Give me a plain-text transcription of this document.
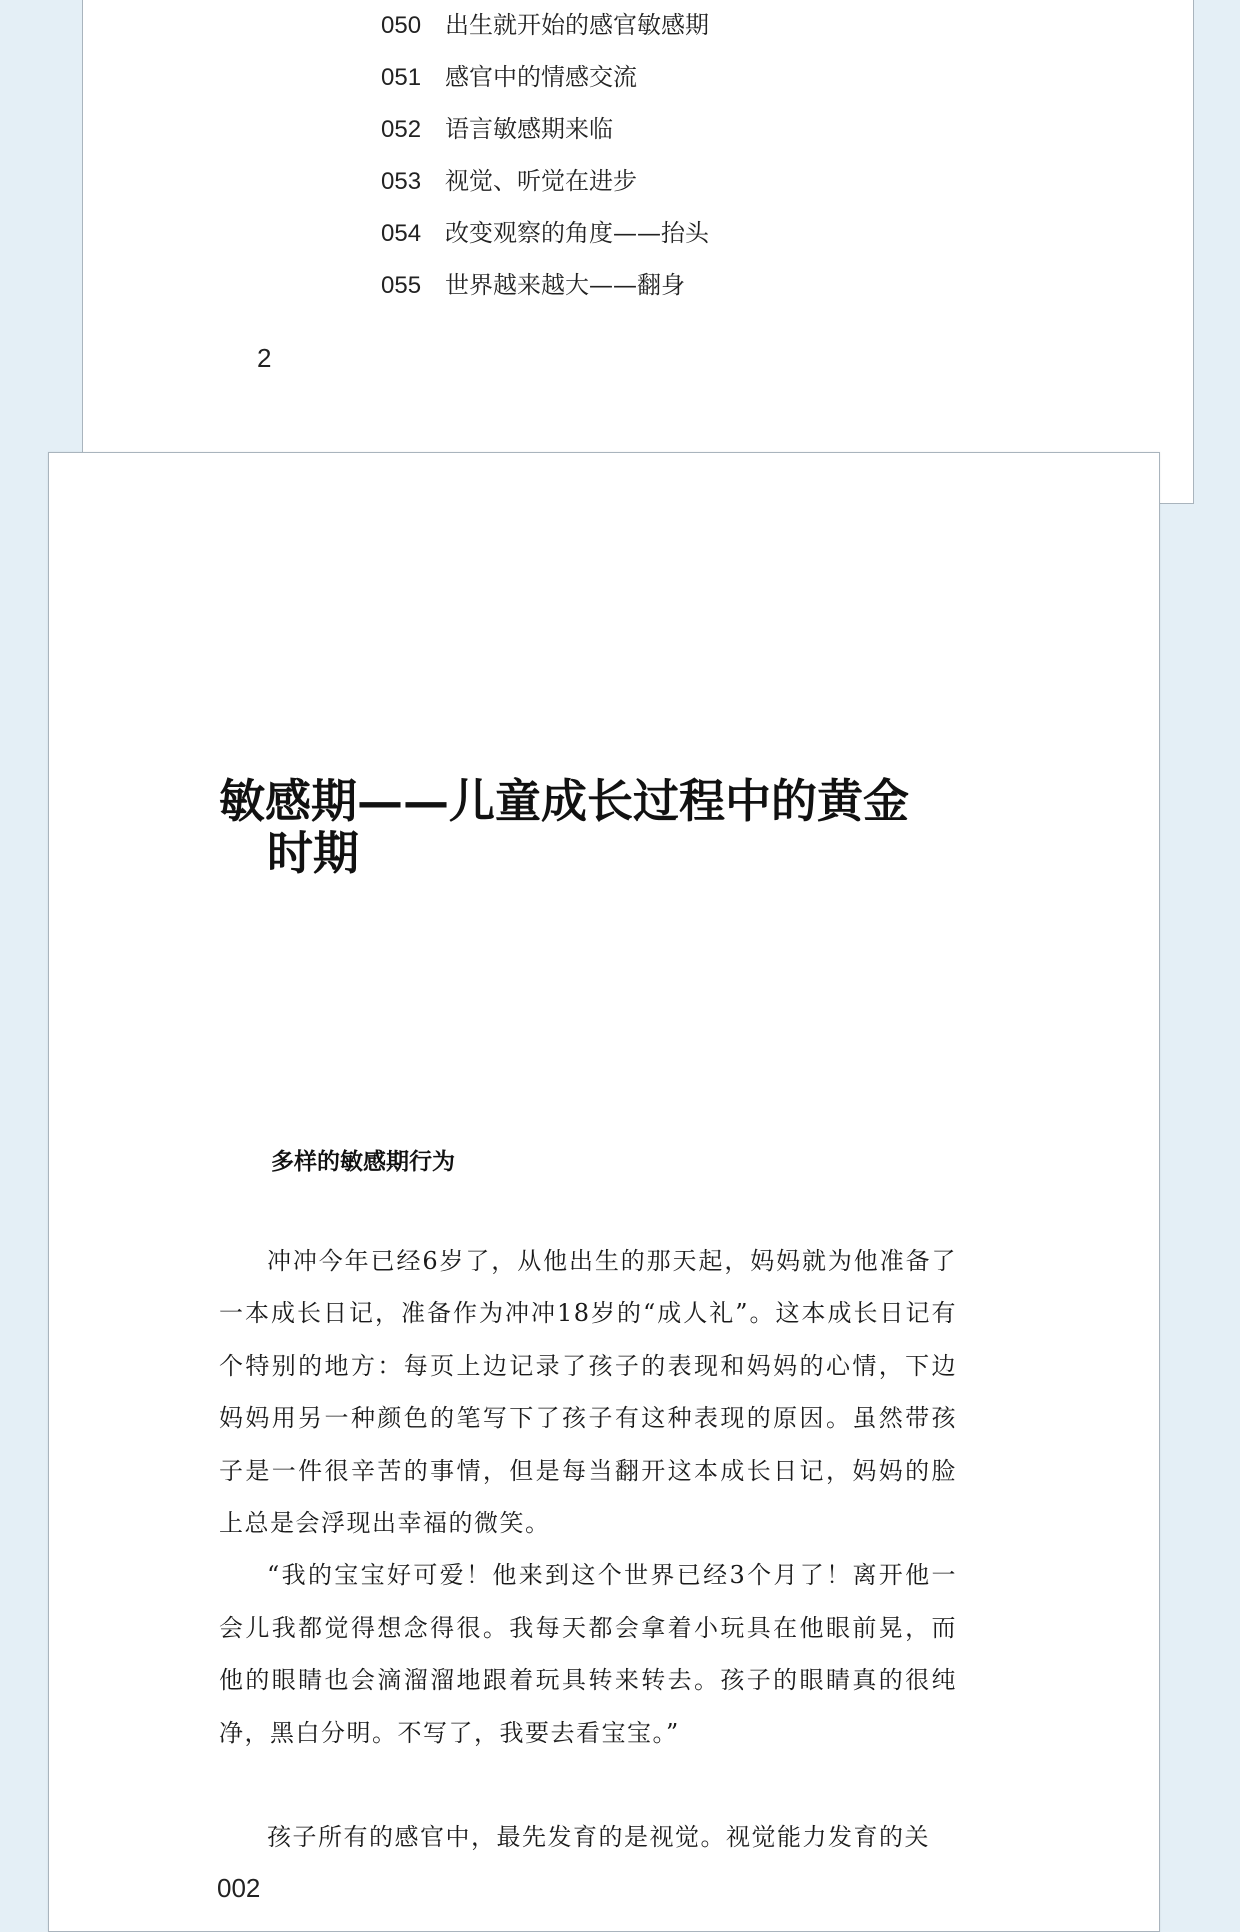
050 出生就开始的感官敏感期
051 感官中的情感交流
052 语言敏感期来临
053 视觉、听觉在进步
054 改变观察的角度——抬头
055 世界越来越大——翻身
2
敏感期——儿童成长过程中的黄金
时期
多样的敏感期行为

冲冲今年已经6岁了，从他出生的那天起，妈妈就为他准备了一本成长日记，准备作为冲冲18岁的“成人礼”。这本成长日记有个特别的地方：每页上边记录了孩子的表现和妈妈的心情，下边妈妈用另一种颜色的笔写下了孩子有这种表现的原因。虽然带孩子是一件很辛苦的事情，但是每当翻开这本成长日记，妈妈的脸上总是会浮现出幸福的微笑。

“我的宝宝好可爱！他来到这个世界已经3个月了！离开他一会儿我都觉得想念得很。我每天都会拿着小玩具在他眼前晃，而他的眼睛也会滴溜溜地跟着玩具转来转去。孩子的眼睛真的很纯净，黑白分明。不写了，我要去看宝宝。”

孩子所有的感官中，最先发育的是视觉。视觉能力发育的关

002
